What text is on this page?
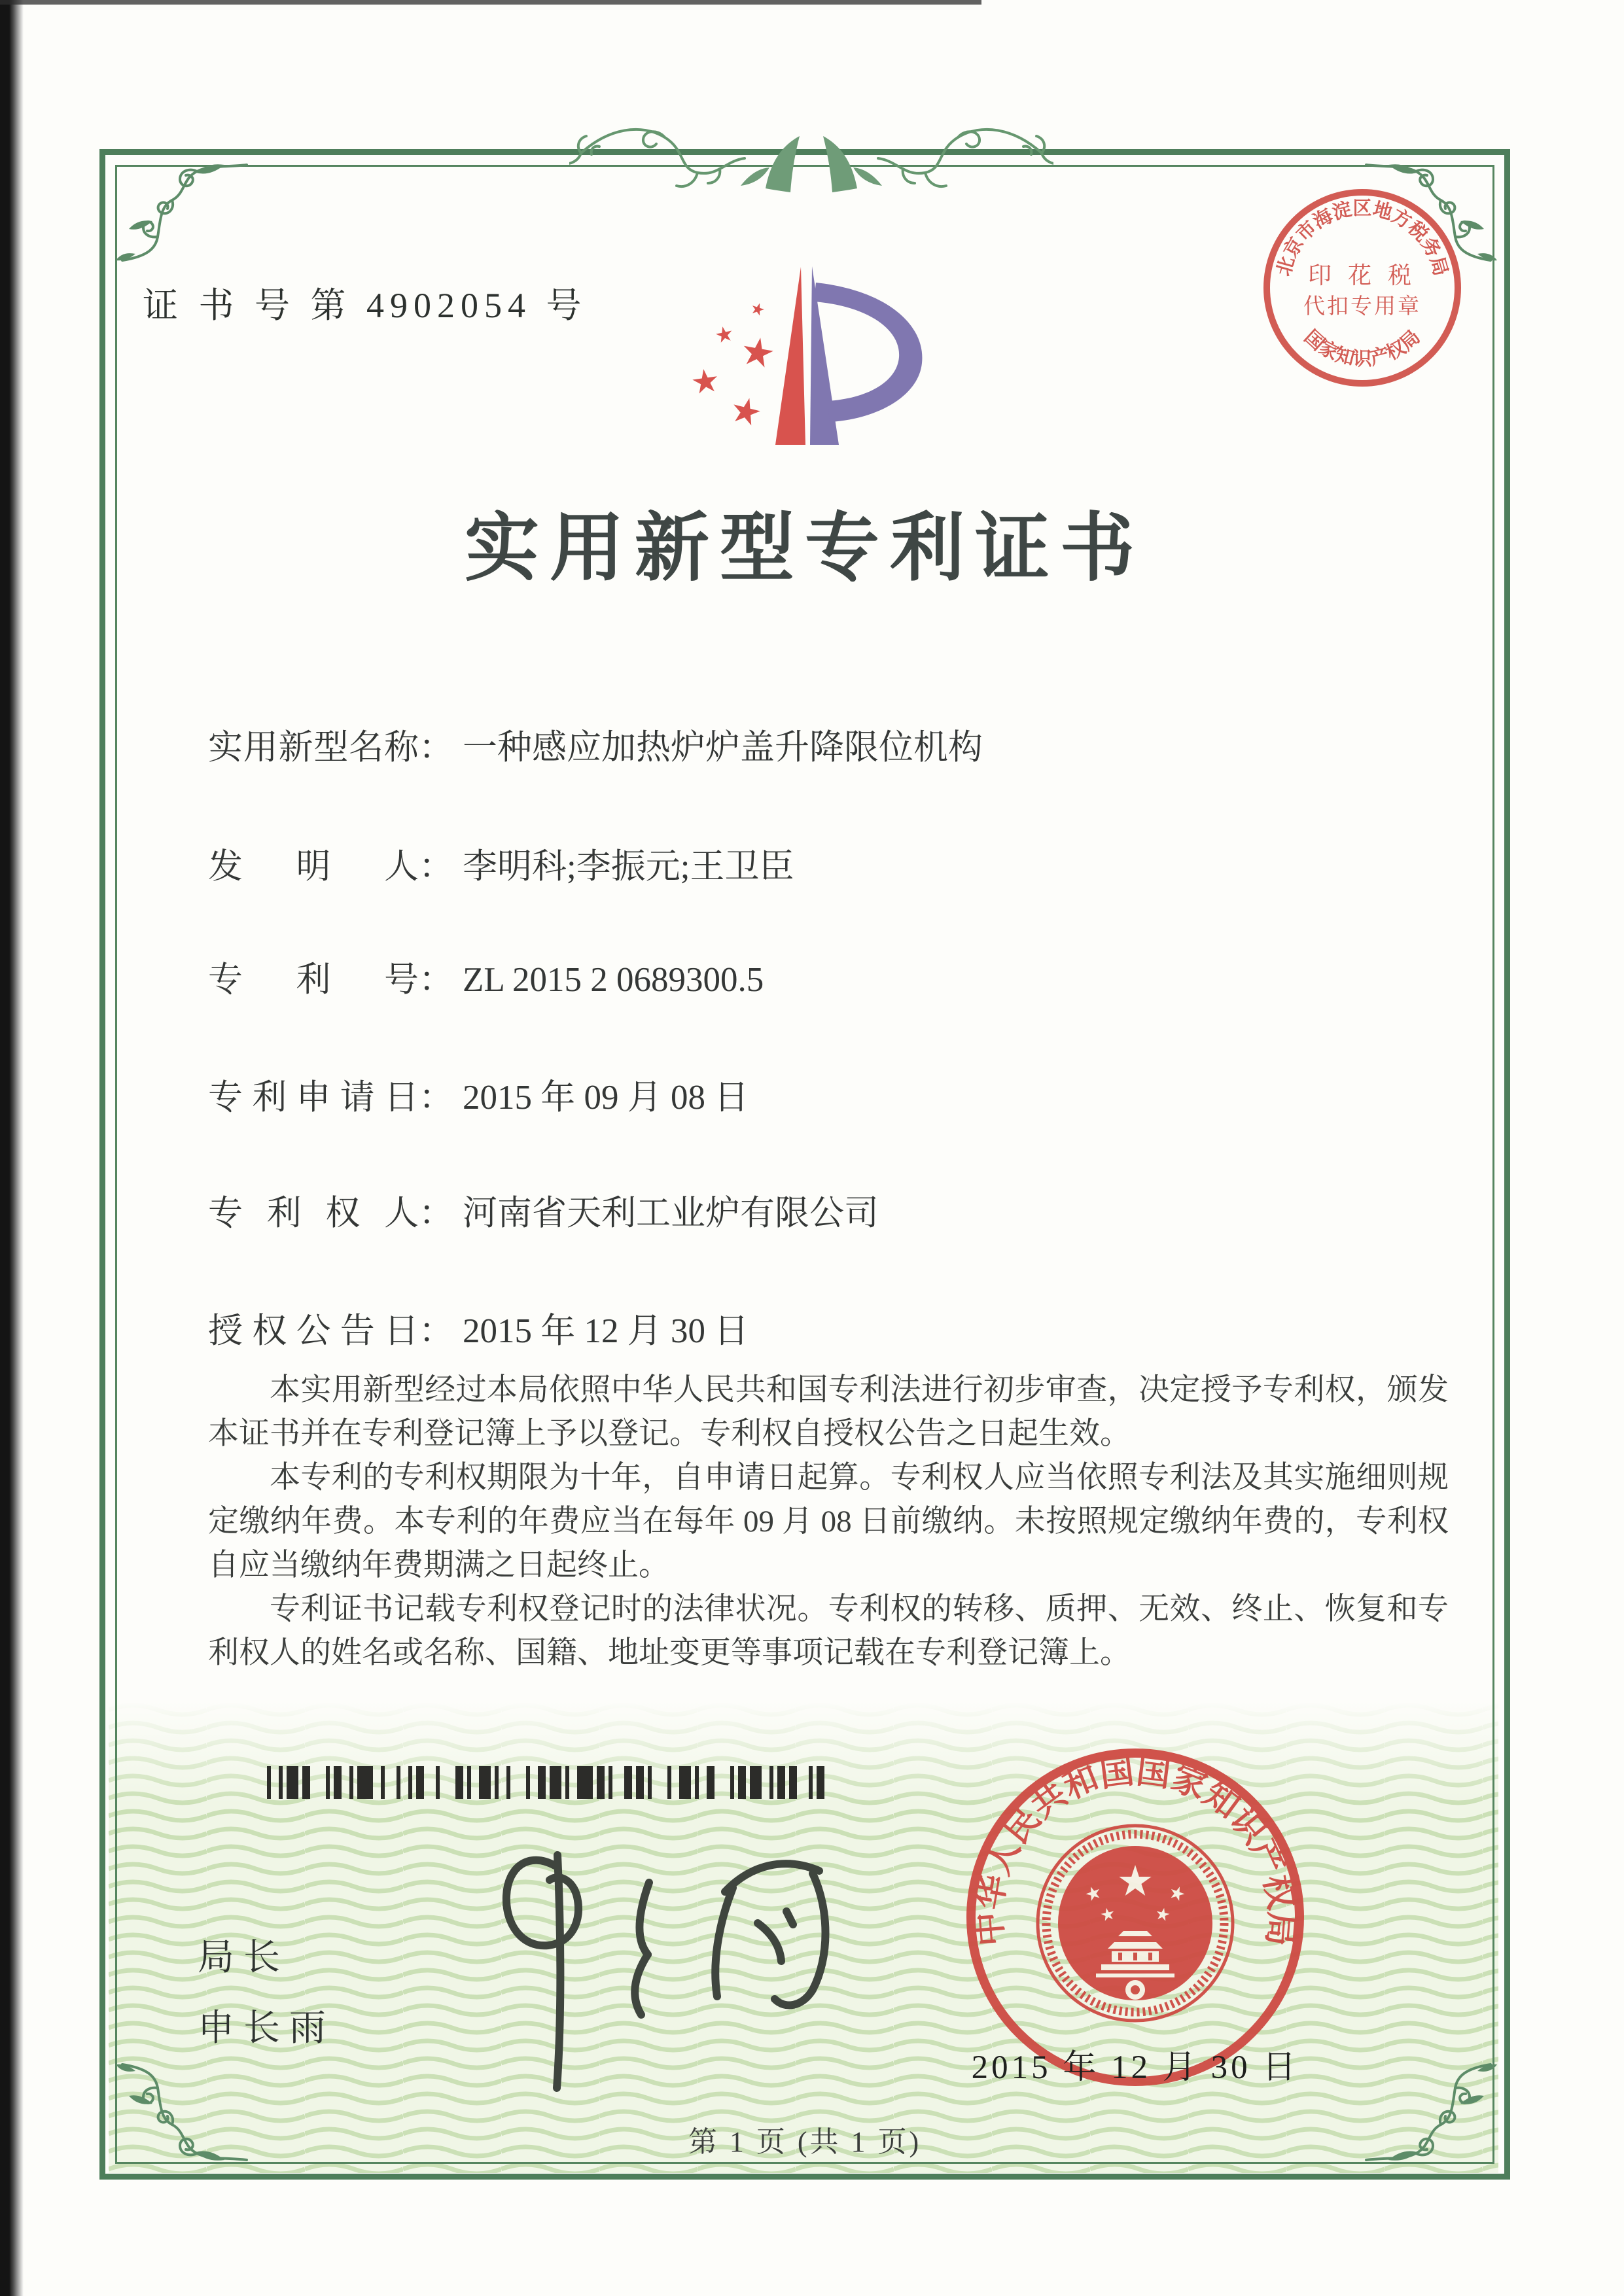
证 书 号 第 4902054 号
北京市海淀区地方税务局
印 花 税
代扣专用章
国家知识产权局
实用新型专利证书
实用新型名称： 一种感应加热炉炉盖升降限位机构
发明人： 李明科;李振元;王卫臣
专利号： ZL 2015 2 0689300.5
专利申请日： 2015 年 09 月 08 日
专利权人： 河南省天利工业炉有限公司
授权公告日： 2015 年 12 月 30 日

本实用新型经过本局依照中华人民共和国专利法进行初步审查，决定授予专利权，颁发本证书并在专利登记簿上予以登记。专利权自授权公告之日起生效。

本专利的专利权期限为十年，自申请日起算。专利权人应当依照专利法及其实施细则规定缴纳年费。本专利的年费应当在每年 09 月 08 日前缴纳。未按照规定缴纳年费的，专利权自应当缴纳年费期满之日起终止。

专利证书记载专利权登记时的法律状况。专利权的转移、质押、无效、终止、恢复和专利权人的姓名或名称、国籍、地址变更等事项记载在专利登记簿上。

局长
申长雨
中华人民共和国国家知识产权局
2015 年 12 月 30 日
第 1 页 (共 1 页)
